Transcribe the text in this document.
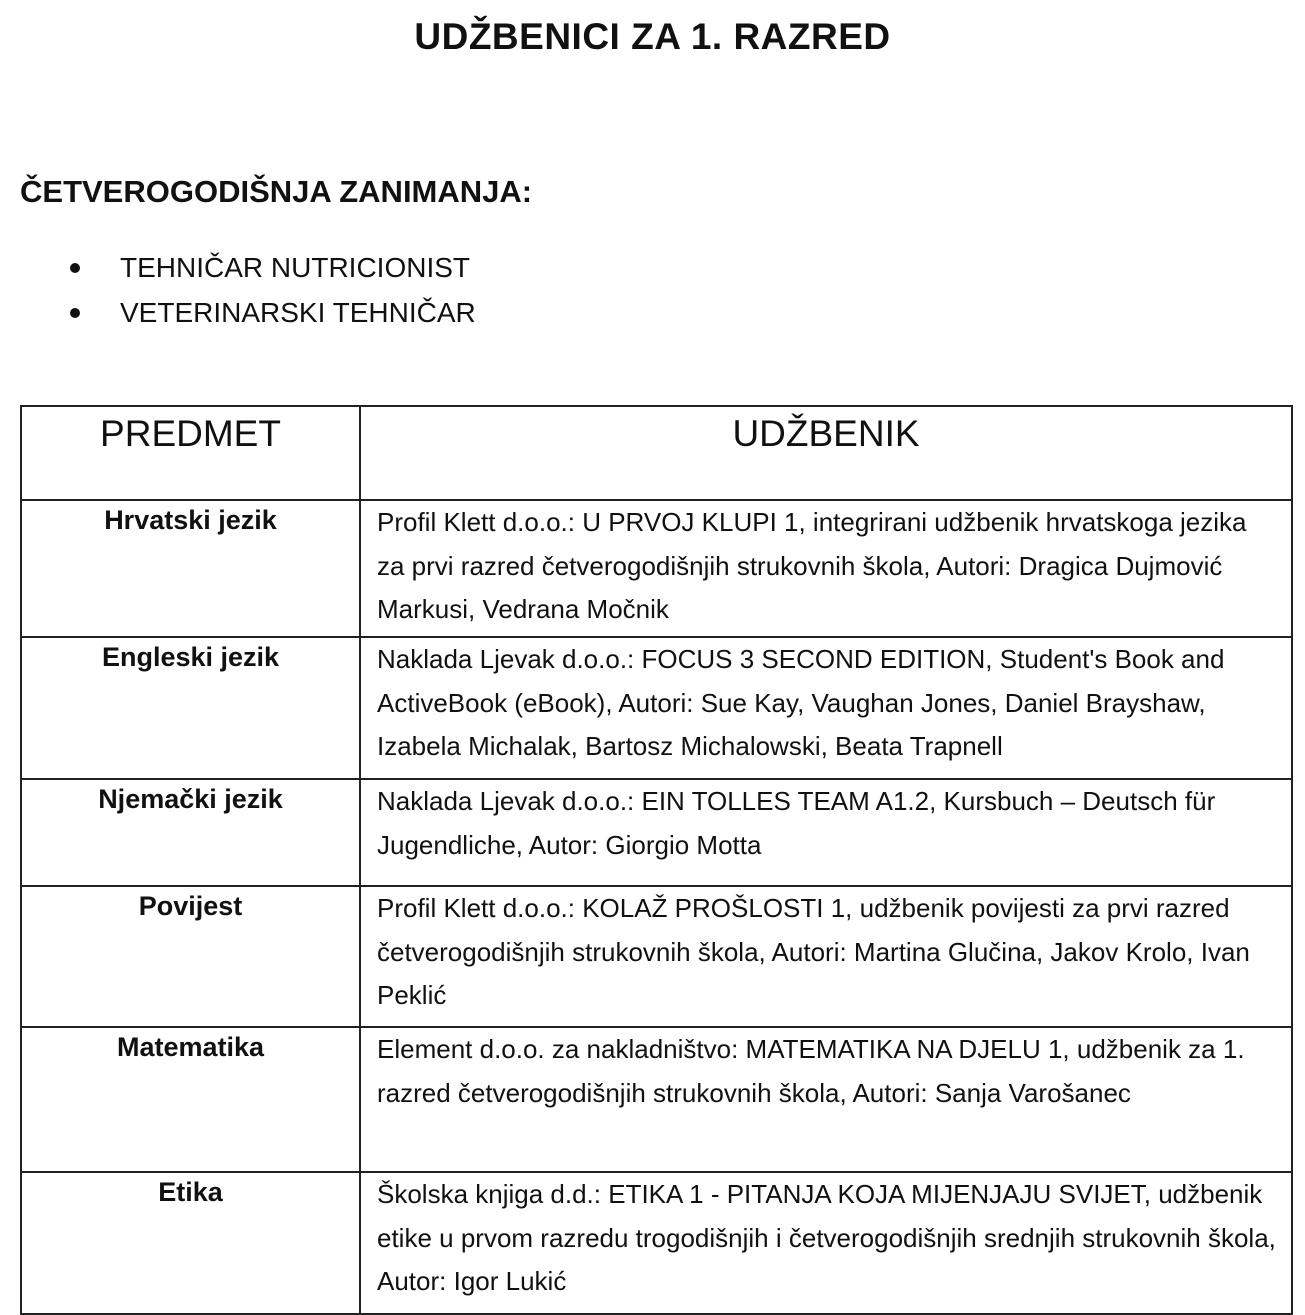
UDŽBENICI ZA 1. RAZRED
ČETVEROGODIŠNJA ZANIMANJA:
TEHNIČAR NUTRICIONIST
VETERINARSKI TEHNIČAR
PREDMET	UDŽBENIK
Hrvatski jezik	Profil Klett d.o.o.: U PRVOJ KLUPI 1, integrirani udžbenik hrvatskoga jezika za prvi razred četverogodišnjih strukovnih škola, Autori: Dragica Dujmović Markusi, Vedrana Močnik
Engleski jezik	Naklada Ljevak d.o.o.: FOCUS 3 SECOND EDITION, Student's Book and ActiveBook (eBook), Autori: Sue Kay, Vaughan Jones, Daniel Brayshaw, Izabela Michalak, Bartosz Michalowski, Beata Trapnell
Njemački jezik	Naklada Ljevak d.o.o.: EIN TOLLES TEAM A1.2, Kursbuch – Deutsch für Jugendliche, Autor: Giorgio Motta
Povijest	Profil Klett d.o.o.: KOLAŽ PROŠLOSTI 1, udžbenik povijesti za prvi razred četverogodišnjih strukovnih škola, Autori: Martina Glučina, Jakov Krolo, Ivan Peklić
Matematika	Element d.o.o. za nakladništvo: MATEMATIKA NA DJELU 1, udžbenik za 1. razred četverogodišnjih strukovnih škola, Autori: Sanja Varošanec
Etika	Školska knjiga d.d.: ETIKA 1 - PITANJA KOJA MIJENJAJU SVIJET, udžbenik etike u prvom razredu trogodišnjih i četverogodišnjih srednjih strukovnih škola, Autor: Igor Lukić
